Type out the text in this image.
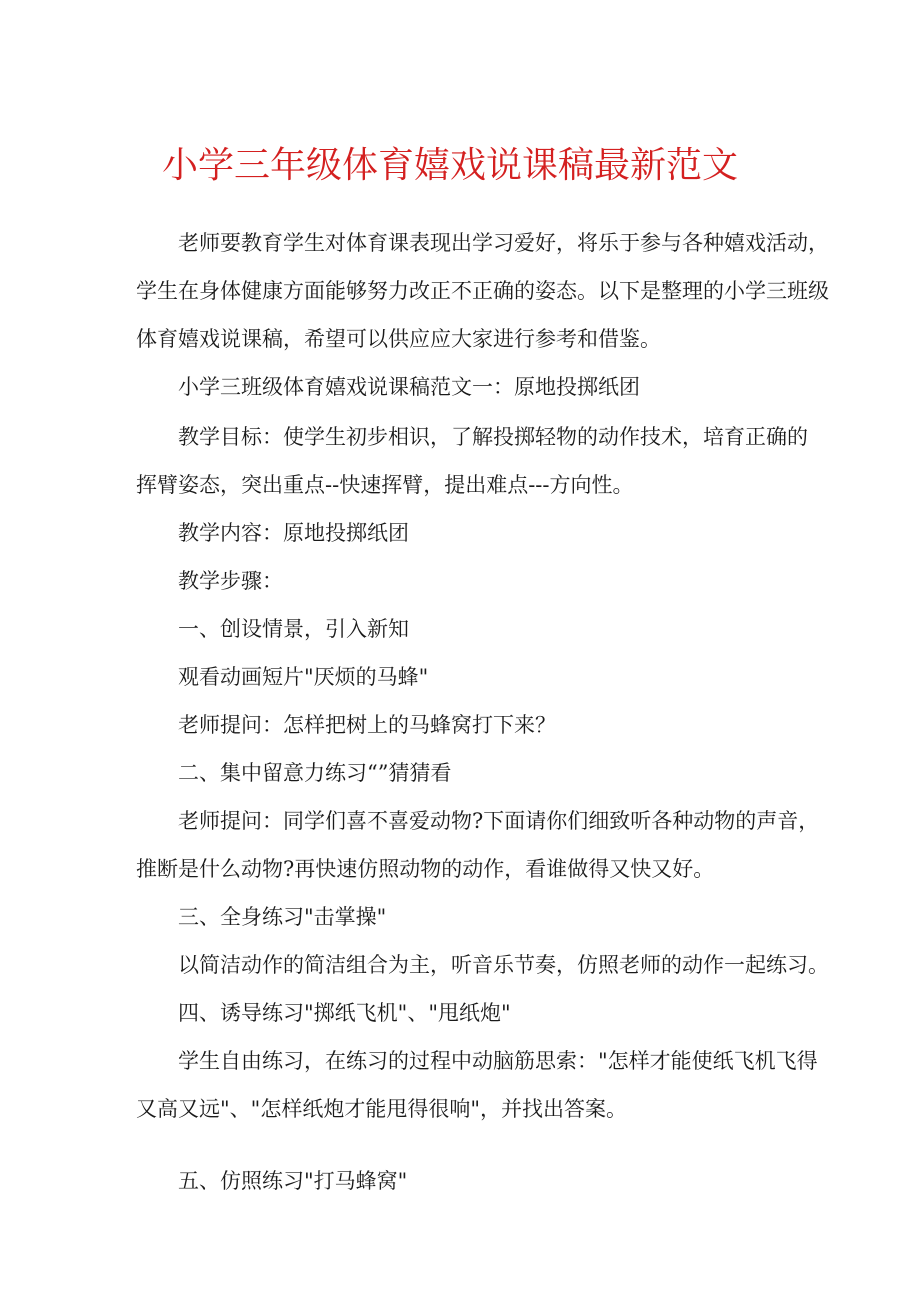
小学三年级体育嬉戏说课稿最新范文

老师要教育学生对体育课表现出学习爱好，将乐于参与各种嬉戏活动，

学生在身体健康方面能够努力改正不正确的姿态。以下是整理的小学三班级

体育嬉戏说课稿，希望可以供应应大家进行参考和借鉴。

小学三班级体育嬉戏说课稿范文一：原地投掷纸团

教学目标：使学生初步相识，了解投掷轻物的动作技术，培育正确的

挥臂姿态，突出重点--快速挥臂，提出难点---方向性。

教学内容：原地投掷纸团

教学步骤：

一、创设情景，引入新知

观看动画短片"厌烦的马蜂"

老师提问：怎样把树上的马蜂窝打下来？

二、集中留意力练习“”猜猜看

老师提问：同学们喜不喜爱动物?下面请你们细致听各种动物的声音，

推断是什么动物?再快速仿照动物的动作，看谁做得又快又好。

三、全身练习"击掌操"

以简洁动作的简洁组合为主，听音乐节奏，仿照老师的动作一起练习。

四、诱导练习"掷纸飞机"、"甩纸炮"

学生自由练习，在练习的过程中动脑筋思索："怎样才能使纸飞机飞得

又高又远"、"怎样纸炮才能甩得很响"，并找出答案。

五、仿照练习"打马蜂窝"
